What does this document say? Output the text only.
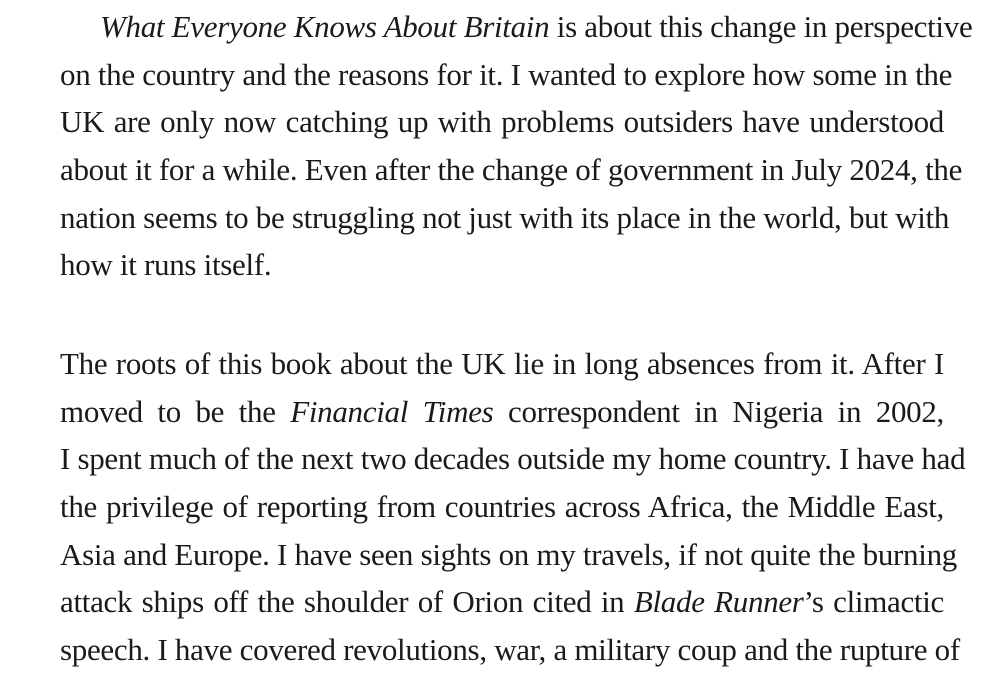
What Everyone Knows About Britain is about this change in perspective
on the country and the reasons for it. I wanted to explore how some in the
UK are only now catching up with problems outsiders have understood
about it for a while. Even after the change of government in July 2024, the
nation seems to be struggling not just with its place in the world, but with
how it runs itself.
The roots of this book about the UK lie in long absences from it. After I
moved to be the Financial Times correspondent in Nigeria in 2002,
I spent much of the next two decades outside my home country. I have had
the privilege of reporting from countries across Africa, the Middle East,
Asia and Europe. I have seen sights on my travels, if not quite the burning
attack ships off the shoulder of Orion cited in Blade Runner’s climactic
speech. I have covered revolutions, war, a military coup and the rupture of
